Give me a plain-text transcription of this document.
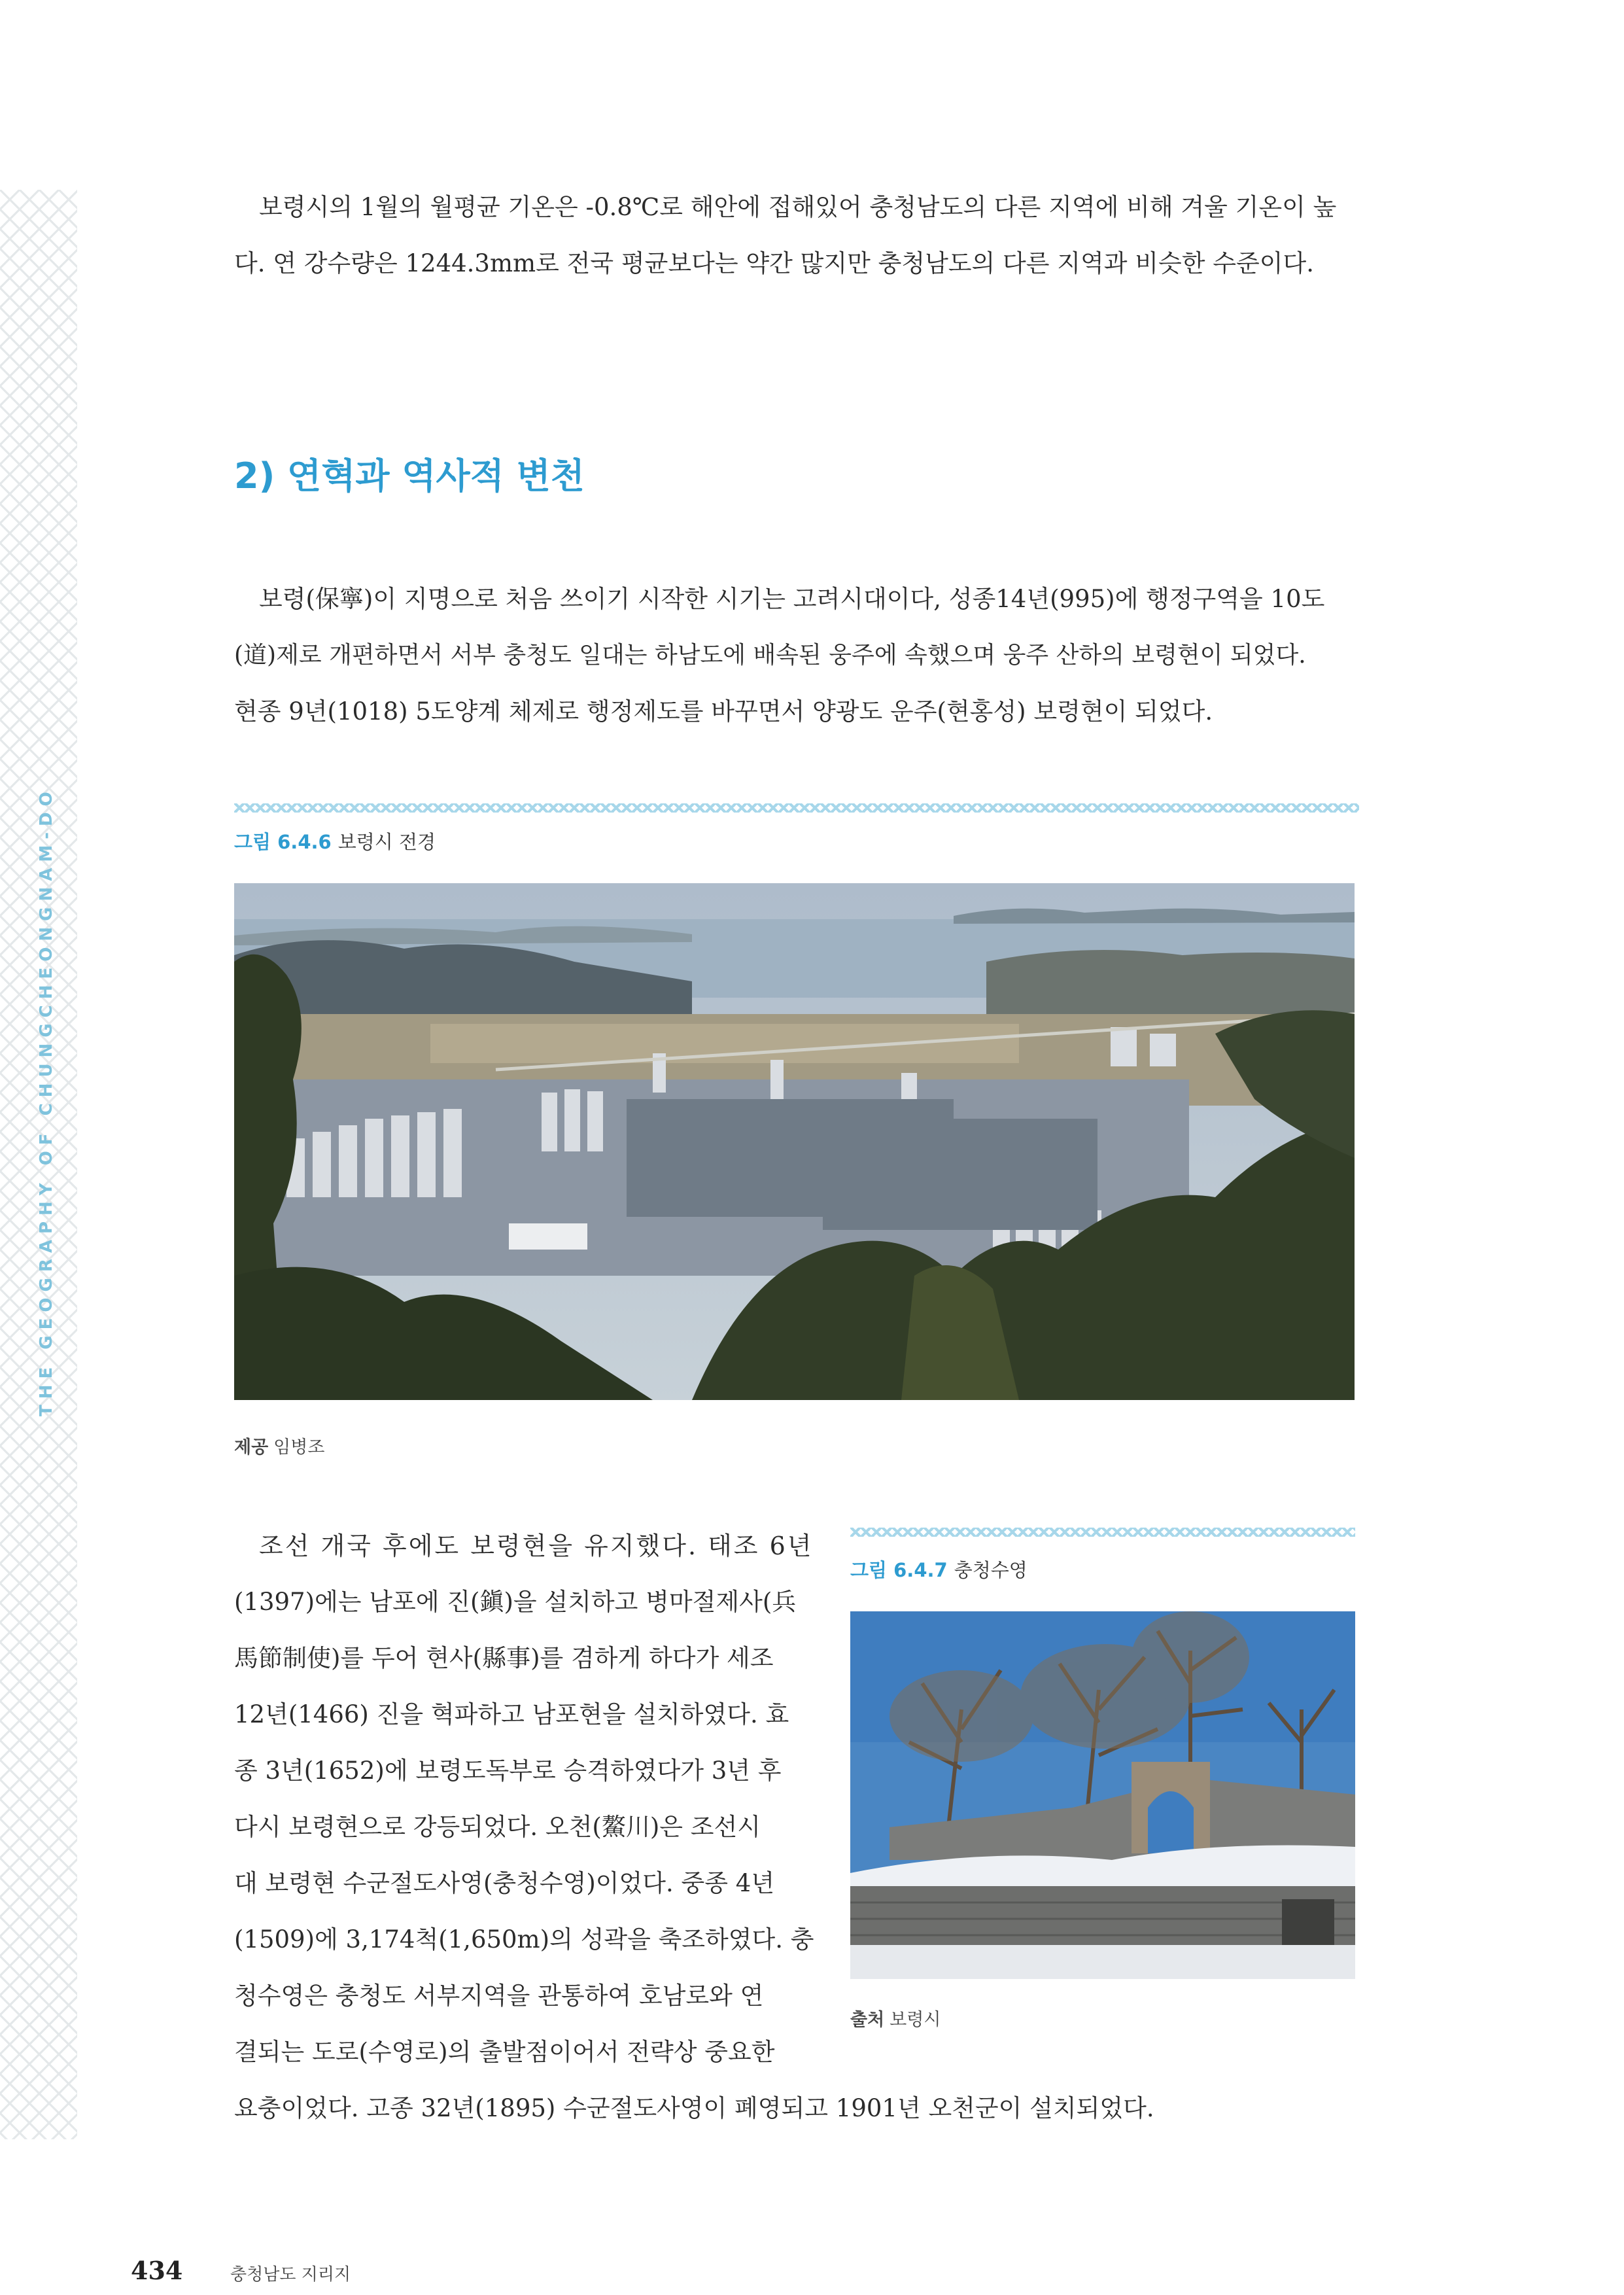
THE GEOGRAPHY OF CHUNGCHEONGNAM-DO
보령시의 1월의 월평균 기온은 -0.8℃로 해안에 접해있어 충청남도의 다른 지역에 비해 겨울 기온이 높
다. 연 강수량은 1244.3mm로 전국 평균보다는 약간 많지만 충청남도의 다른 지역과 비슷한 수준이다.
2) 연혁과 역사적 변천
보령(保寧)이 지명으로 처음 쓰이기 시작한 시기는 고려시대이다, 성종14년(995)에 행정구역을 10도
(道)제로 개편하면서 서부 충청도 일대는 하남도에 배속된 웅주에 속했으며 웅주 산하의 보령현이 되었다.
현종 9년(1018) 5도양계 체제로 행정제도를 바꾸면서 양광도 운주(현홍성) 보령현이 되었다.

그림 6.4.6 보령시 전경

제공 임병조

조선 개국 후에도 보령현을 유지했다. 태조 6년
(1397)에는 남포에 진(鎭)을 설치하고 병마절제사(兵
馬節制使)를 두어 현사(縣事)를 겸하게 하다가 세조
12년(1466) 진을 혁파하고 남포현을 설치하였다. 효
종 3년(1652)에 보령도독부로 승격하였다가 3년 후
다시 보령현으로 강등되었다. 오천(鰲川)은 조선시
대 보령현 수군절도사영(충청수영)이었다. 중종 4년
(1509)에 3,174척(1,650m)의 성곽을 축조하였다. 충
청수영은 충청도 서부지역을 관통하여 호남로와 연
결되는 도로(수영로)의 출발점이어서 전략상 중요한
요충이었다. 고종 32년(1895) 수군절도사영이 폐영되고 1901년 오천군이 설치되었다.

그림 6.4.7 충청수영

출처 보령시

434	충청남도 지리지
